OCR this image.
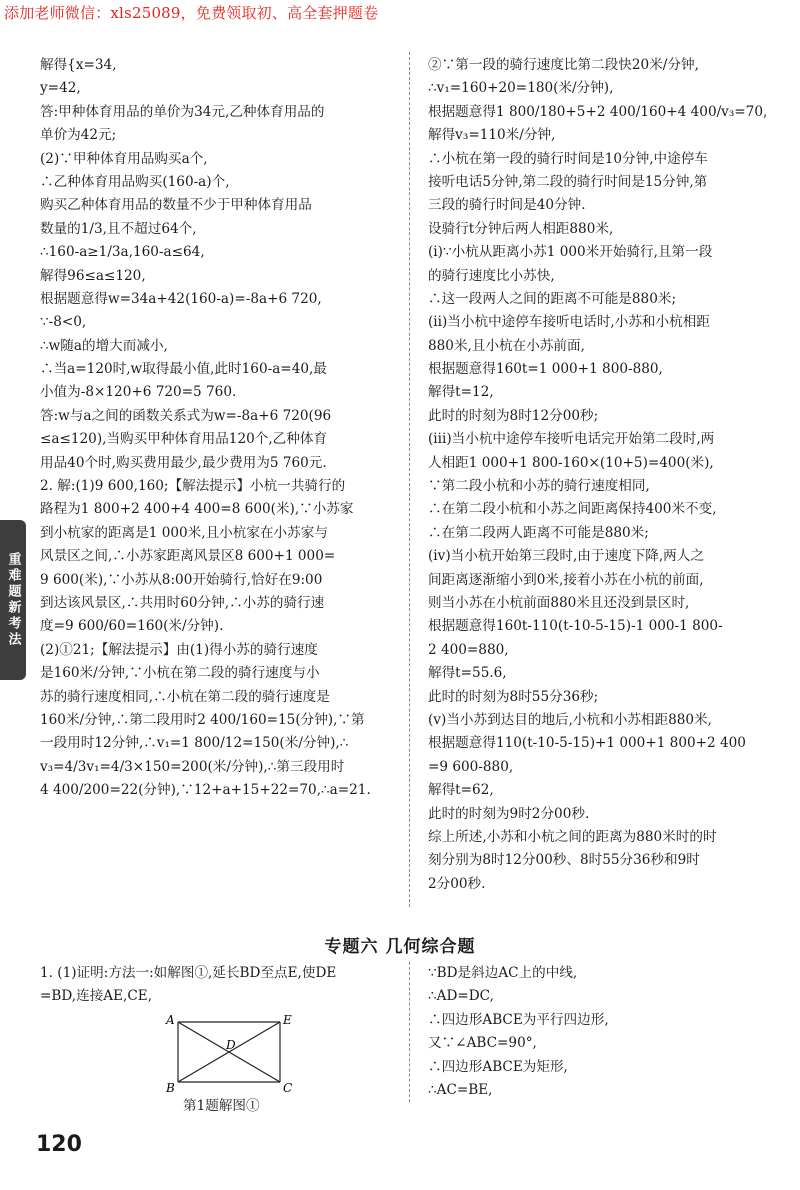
添加老师微信：xls25089，免费领取初、高全套押题卷
重难题新考法
解得{x=34,
y=42,
答:甲种体育用品的单价为34元,乙种体育用品的
单价为42元;
(2)∵甲种体育用品购买a个,
∴乙种体育用品购买(160-a)个,
购买乙种体育用品的数量不少于甲种体育用品
数量的1/3,且不超过64个,
∴160-a≥1/3a,160-a≤64,
解得96≤a≤120,
根据题意得w=34a+42(160-a)=-8a+6 720,
∵-8<0,
∴w随a的增大而减小,
∴当a=120时,w取得最小值,此时160-a=40,最
小值为-8×120+6 720=5 760.
答:w与a之间的函数关系式为w=-8a+6 720(96
≤a≤120),当购买甲种体育用品120个,乙种体育
用品40个时,购买费用最少,最少费用为5 760元.
2. 解:(1)9 600,160;【解法提示】小杭一共骑行的
路程为1 800+2 400+4 400=8 600(米),∵小苏家
到小杭家的距离是1 000米,且小杭家在小苏家与
风景区之间,∴小苏家距离风景区8 600+1 000=
9 600(米),∵小苏从8:00开始骑行,恰好在9:00
到达该风景区,∴共用时60分钟,∴小苏的骑行速
度=9 600/60=160(米/分钟).
(2)①21;【解法提示】由(1)得小苏的骑行速度
是160米/分钟,∵小杭在第二段的骑行速度与小
苏的骑行速度相同,∴小杭在第二段的骑行速度是
160米/分钟,∴第二段用时2 400/160=15(分钟),∵第
一段用时12分钟,∴v₁=1 800/12=150(米/分钟),∴
v₃=4/3v₁=4/3×150=200(米/分钟),∴第三段用时
4 400/200=22(分钟),∵12+a+15+22=70,∴a=21.
②∵第一段的骑行速度比第二段快20米/分钟,
∴v₁=160+20=180(米/分钟),
根据题意得1 800/180+5+2 400/160+4 400/v₃=70,
解得v₃=110米/分钟,
∴小杭在第一段的骑行时间是10分钟,中途停车
接听电话5分钟,第二段的骑行时间是15分钟,第
三段的骑行时间是40分钟.
设骑行t分钟后两人相距880米,
(i)∵小杭从距离小苏1 000米开始骑行,且第一段
的骑行速度比小苏快,
∴这一段两人之间的距离不可能是880米;
(ii)当小杭中途停车接听电话时,小苏和小杭相距
880米,且小杭在小苏前面,
根据题意得160t=1 000+1 800-880,
解得t=12,
此时的时刻为8时12分00秒;
(iii)当小杭中途停车接听电话完开始第二段时,两
人相距1 000+1 800-160×(10+5)=400(米),
∵第二段小杭和小苏的骑行速度相同,
∴在第二段小杭和小苏之间距离保持400米不变,
∴在第二段两人距离不可能是880米;
(iv)当小杭开始第三段时,由于速度下降,两人之
间距离逐渐缩小到0米,接着小苏在小杭的前面,
则当小苏在小杭前面880米且还没到景区时,
根据题意得160t-110(t-10-5-15)-1 000-1 800-
2 400=880,
解得t=55.6,
此时的时刻为8时55分36秒;
(v)当小苏到达目的地后,小杭和小苏相距880米,
根据题意得110(t-10-5-15)+1 000+1 800+2 400
=9 600-880,
解得t=62,
此时的时刻为9时2分00秒.
综上所述,小苏和小杭之间的距离为880米时的时
刻分别为8时12分00秒、8时55分36秒和9时
2分00秒.
专题六 几何综合题
1. (1)证明:方法一:如解图①,延长BD至点E,使DE
=BD,连接AE,CE,
∵BD是斜边AC上的中线,
∴AD=DC,
∴四边形ABCE为平行四边形,
又∵∠ABC=90°,
∴四边形ABCE为矩形,
∴AC=BE,
A	E
D
B	C
第1题解图①
120
